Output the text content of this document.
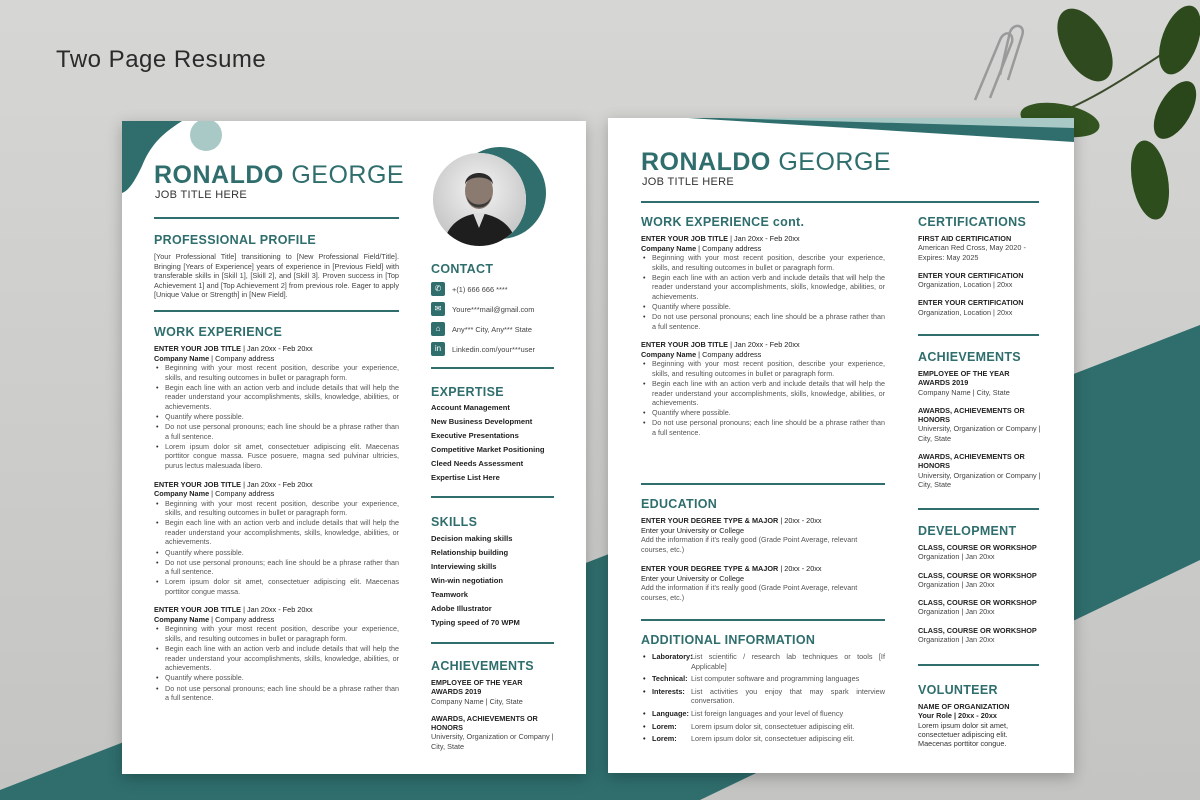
Two Page Resume
RONALDO GEORGE
JOB TITLE HERE
PROFESSIONAL PROFILE
[Your Professional Title] transitioning to [New Professional Field/Title]. Bringing [Years of Experience] years of experience in [Previous Field] with transferable skills in [Skill 1], [Skill 2], and [Skill 3]. Proven success in [Top Achievement 1] and [Top Achievement 2] from previous role. Eager to apply [Unique Value or Strength] in [New Field].
WORK EXPERIENCE
ENTER YOUR JOB TITLE | Jan 20xx - Feb 20xx
Company Name | Company address
• Beginning with your most recent position, describe your experience, skills, and resulting outcomes in bullet or paragraph form.
• Begin each line with an action verb and include details that will help the reader understand your accomplishments, skills, knowledge, abilities, or achievements.
• Quantify where possible.
• Do not use personal pronouns; each line should be a phrase rather than a full sentence.
• Lorem ipsum dolor sit amet, consectetuer adipiscing elit. Maecenas porttitor congue massa. Fusce posuere, magna sed pulvinar ultricies, purus lectus malesuada libero.
ENTER YOUR JOB TITLE | Jan 20xx - Feb 20xx
Company Name | Company address
• Beginning with your most recent position, describe your experience, skills, and resulting outcomes in bullet or paragraph form.
• Begin each line with an action verb and include details that will help the reader understand your accomplishments, skills, knowledge, abilities, or achievements.
• Quantify where possible.
• Do not use personal pronouns; each line should be a phrase rather than a full sentence.
• Lorem ipsum dolor sit amet, consectetuer adipiscing elit. Maecenas porttitor congue massa.
ENTER YOUR JOB TITLE | Jan 20xx - Feb 20xx
Company Name | Company address
• Beginning with your most recent position, describe your experience, skills, and resulting outcomes in bullet or paragraph form.
• Begin each line with an action verb and include details that will help the reader understand your accomplishments, skills, knowledge, abilities, or achievements.
• Quantify where possible.
• Do not use personal pronouns; each line should be a phrase rather than a full sentence.
CONTACT
✆	+(1) 666 666 ****
✉	Youre***mail@gmail.com
⌂	Any*** City, Any*** State
in	Linkedin.com/your***user
EXPERTISE
Account Management
New Business Development
Executive Presentations
Competitive Market Positioning
Cleed Needs Assessment
Expertise List Here
SKILLS
Decision making skills
Relationship building
Interviewing skills
Win-win negotiation
Teamwork
Adobe Illustrator
Typing speed of 70 WPM
ACHIEVEMENTS
EMPLOYEE OF THE YEAR AWARDS 2019
Company Name | City, State
AWARDS, ACHIEVEMENTS OR HONORS
University, Organization or Company | City, State
RONALDO GEORGE
JOB TITLE HERE
WORK EXPERIENCE cont.
ENTER YOUR JOB TITLE | Jan 20xx - Feb 20xx
Company Name | Company address
• Beginning with your most recent position, describe your experience, skills, and resulting outcomes in bullet or paragraph form.
• Begin each line with an action verb and include details that will help the reader understand your accomplishments, skills, knowledge, abilities, or achievements.
• Quantify where possible.
• Do not use personal pronouns; each line should be a phrase rather than a full sentence.
ENTER YOUR JOB TITLE | Jan 20xx - Feb 20xx
Company Name | Company address
• Beginning with your most recent position, describe your experience, skills, and resulting outcomes in bullet or paragraph form.
• Begin each line with an action verb and include details that will help the reader understand your accomplishments, skills, knowledge, abilities, or achievements.
• Quantify where possible.
• Do not use personal pronouns; each line should be a phrase rather than a full sentence.
EDUCATION
ENTER YOUR DEGREE TYPE & MAJOR | 20xx - 20xx
Enter your University or College
Add the information if it's really good (Grade Point Average, relevant courses, etc.)
ENTER YOUR DEGREE TYPE & MAJOR | 20xx - 20xx
Enter your University or College
Add the information if it's really good (Grade Point Average, relevant courses, etc.)
ADDITIONAL INFORMATION
• Laboratory:
List scientific / research lab techniques or tools [If Applicable]
• Technical: List computer software and programming languages
• Interests: List activities you enjoy that may spark interview conversation.
• Language: List foreign languages and your level of fluency
• Lorem:	Lorem ipsum dolor sit, consectetuer adipiscing elit.
• Lorem:	Lorem ipsum dolor sit, consectetuer adipiscing elit.
CERTIFICATIONS
FIRST AID CERTIFICATION
American Red Cross, May 2020 - Expires: May 2025
ENTER YOUR CERTIFICATION
Organization, Location | 20xx
ENTER YOUR CERTIFICATION
Organization, Location | 20xx
ACHIEVEMENTS
EMPLOYEE OF THE YEAR AWARDS 2019
Company Name | City, State
AWARDS, ACHIEVEMENTS OR HONORS
University, Organization or Company | City, State
AWARDS, ACHIEVEMENTS OR HONORS
University, Organization or Company | City, State
DEVELOPMENT
CLASS, COURSE OR WORKSHOP
Organization | Jan 20xx
CLASS, COURSE OR WORKSHOP
Organization | Jan 20xx
CLASS, COURSE OR WORKSHOP
Organization | Jan 20xx
CLASS, COURSE OR WORKSHOP
Organization | Jan 20xx
VOLUNTEER
NAME OF ORGANIZATION
Your Role | 20xx - 20xx
Lorem ipsum dolor sit amet, consectetuer adipiscing elit. Maecenas porttitor congue.
